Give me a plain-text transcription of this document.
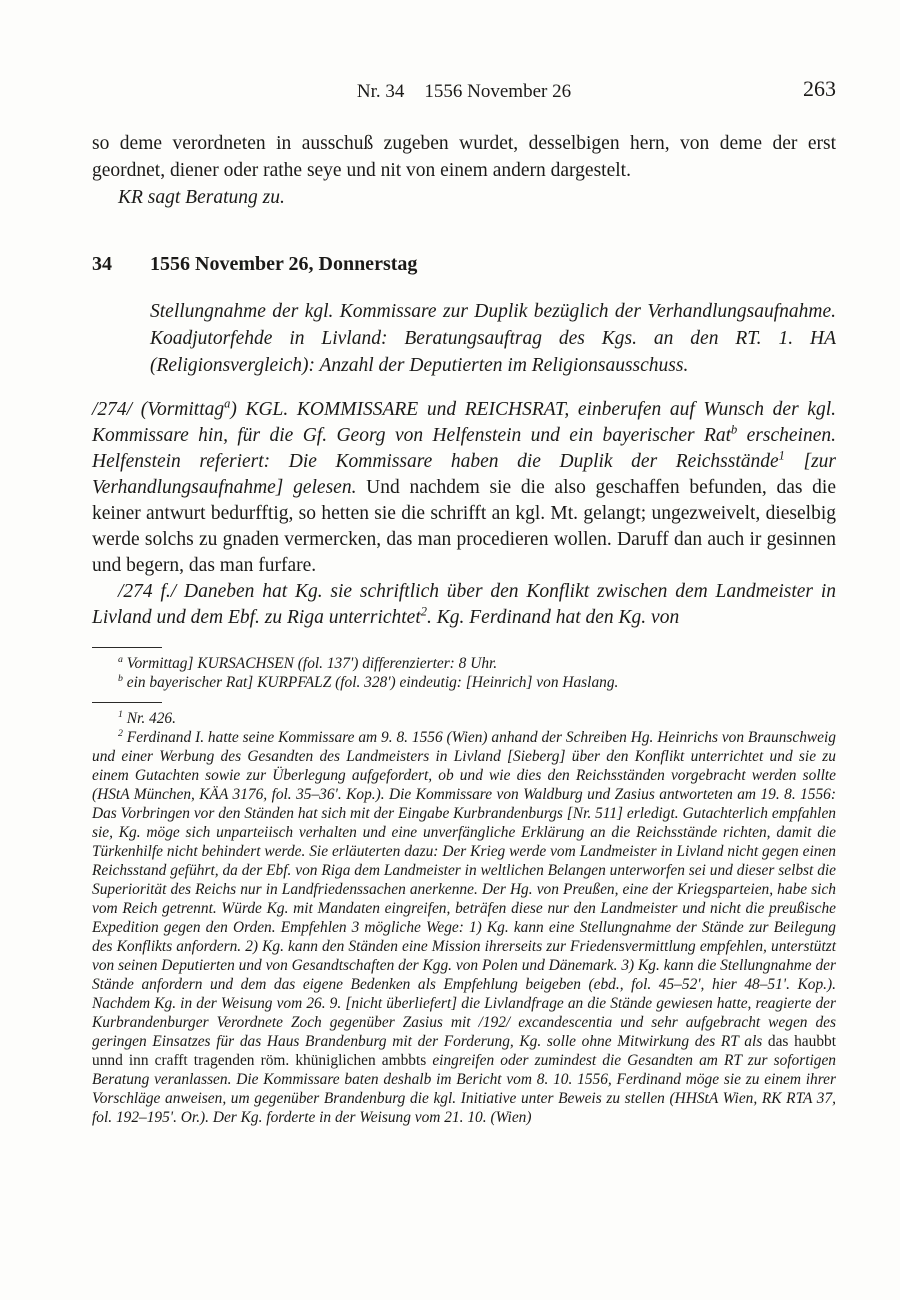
Nr. 34 1556 November 26	263

so deme verordneten in ausschuß zugeben wurdet, desselbigen hern, von deme der erst geordnet, diener oder rathe seye und nit von einem andern dargestelt.

KR sagt Beratung zu.

34	1556 November 26, Donnerstag

Stellungnahme der kgl. Kommissare zur Duplik bezüglich der Verhandlungsaufnahme. Koadjutorfehde in Livland: Beratungsauftrag des Kgs. an den RT. 1. HA (Religionsvergleich): Anzahl der Deputierten im Religionsausschuss.

/274/ (Vormittag$^a$) KGL. KOMMISSARE und REICHSRAT, einberufen auf Wunsch der kgl. Kommissare hin, für die Gf. Georg von Helfenstein und ein bayerischer Rat$^b$ erscheinen. Helfenstein referiert: Die Kommissare haben die Duplik der Reichsstände$^1$ [zur Verhandlungsaufnahme] gelesen. Und nachdem sie die also geschaffen befunden, das die keiner antwurt bedurfftig, so hetten sie die schrifft an kgl. Mt. gelangt; ungezweivelt, dieselbig werde solchs zu gnaden vermercken, das man procedieren wollen. Daruff dan auch ir gesinnen und begern, das man furfare.

/274 f./ Daneben hat Kg. sie schriftlich über den Konflikt zwischen dem Landmeister in Livland und dem Ebf. zu Riga unterrichtet$^2$. Kg. Ferdinand hat den Kg. von

$^a$ Vormittag] KURSACHSEN (fol. 137') differenzierter: 8 Uhr.

$^b$ ein bayerischer Rat] KURPFALZ (fol. 328') eindeutig: [Heinrich] von Haslang.

$^1$ Nr. 426.

$^2$ Ferdinand I. hatte seine Kommissare am 9. 8. 1556 (Wien) anhand der Schreiben Hg. Heinrichs von Braunschweig und einer Werbung des Gesandten des Landmeisters in Livland [Sieberg] über den Konflikt unterrichtet und sie zu einem Gutachten sowie zur Überlegung aufgefordert, ob und wie dies den Reichsständen vorgebracht werden sollte (HStA München, KÄA 3176, fol. 35–36'. Kop.). Die Kommissare von Waldburg und Zasius antworteten am 19. 8. 1556: Das Vorbringen vor den Ständen hat sich mit der Eingabe Kurbrandenburgs [Nr. 511] erledigt. Gutachterlich empfahlen sie, Kg. möge sich unparteiisch verhalten und eine unverfängliche Erklärung an die Reichsstände richten, damit die Türkenhilfe nicht behindert werde. Sie erläuterten dazu: Der Krieg werde vom Landmeister in Livland nicht gegen einen Reichsstand geführt, da der Ebf. von Riga dem Landmeister in weltlichen Belangen unterworfen sei und dieser selbst die Superiorität des Reichs nur in Landfriedenssachen anerkenne. Der Hg. von Preußen, eine der Kriegsparteien, habe sich vom Reich getrennt. Würde Kg. mit Mandaten eingreifen, beträfen diese nur den Landmeister und nicht die preußische Expedition gegen den Orden. Empfehlen 3 mögliche Wege: 1) Kg. kann eine Stellungnahme der Stände zur Beilegung des Konflikts anfordern. 2) Kg. kann den Ständen eine Mission ihrerseits zur Friedensvermittlung empfehlen, unterstützt von seinen Deputierten und von Gesandtschaften der Kgg. von Polen und Dänemark. 3) Kg. kann die Stellungnahme der Stände anfordern und dem das eigene Bedenken als Empfehlung beigeben (ebd., fol. 45–52', hier 48–51'. Kop.). Nachdem Kg. in der Weisung vom 26. 9. [nicht überliefert] die Livlandfrage an die Stände gewiesen hatte, reagierte der Kurbrandenburger Verordnete Zoch gegenüber Zasius mit /192/ excandescentia und sehr aufgebracht wegen des geringen Einsatzes für das Haus Brandenburg mit der Forderung, Kg. solle ohne Mitwirkung des RT als das haubbt unnd inn crafft tragenden röm. khüniglichen ambbts eingreifen oder zumindest die Gesandten am RT zur sofortigen Beratung veranlassen. Die Kommissare baten deshalb im Bericht vom 8. 10. 1556, Ferdinand möge sie zu einem ihrer Vorschläge anweisen, um gegenüber Brandenburg die kgl. Initiative unter Beweis zu stellen (HHStA Wien, RK RTA 37, fol. 192–195'. Or.). Der Kg. forderte in der Weisung vom 21. 10. (Wien)
